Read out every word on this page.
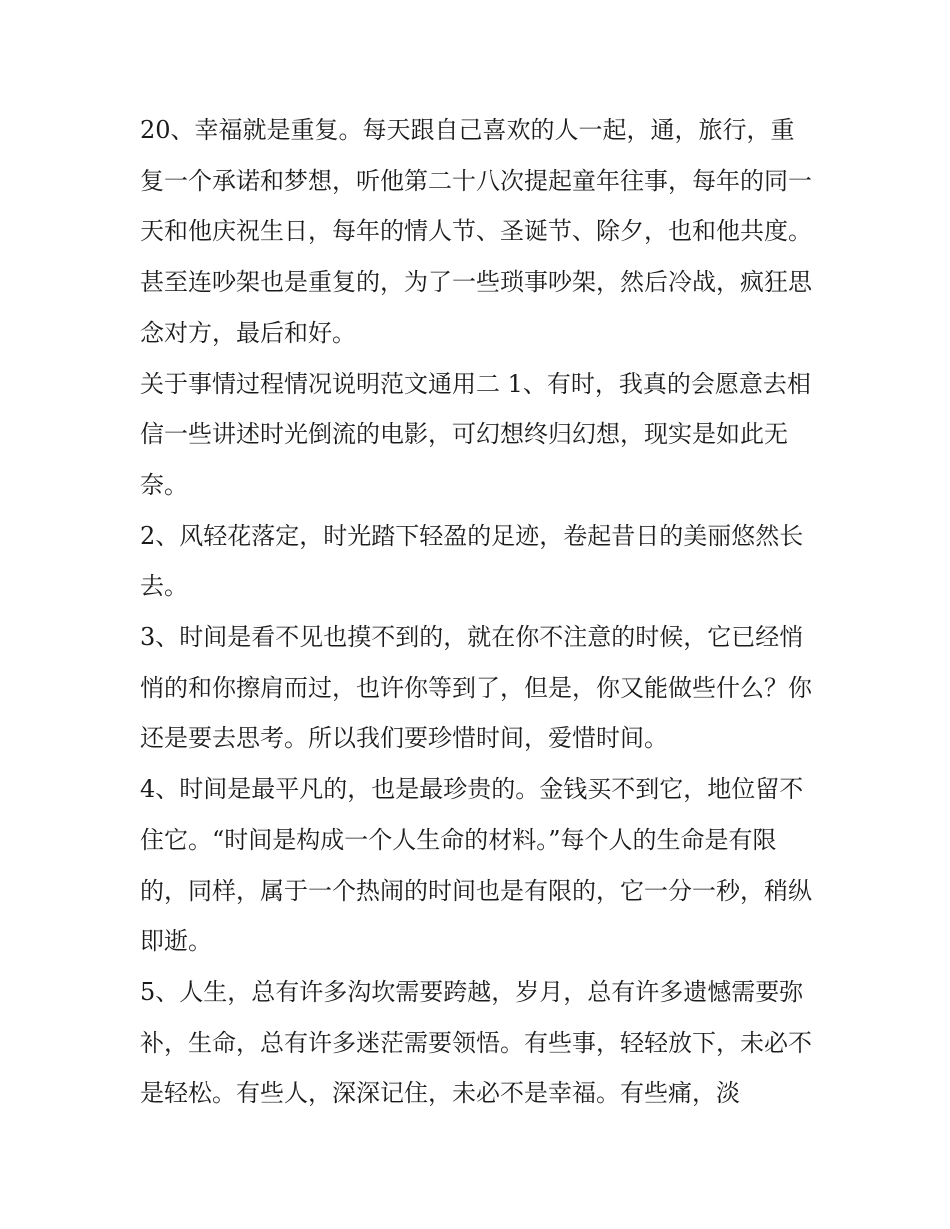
20、幸福就是重复。每天跟自己喜欢的人一起，通，旅行，重复一个承诺和梦想，听他第二十八次提起童年往事，每年的同一天和他庆祝生日，每年的情人节、圣诞节、除夕，也和他共度。甚至连吵架也是重复的，为了一些琐事吵架，然后冷战，疯狂思念对方，最后和好。

关于事情过程情况说明范文通用二 1、有时，我真的会愿意去相信一些讲述时光倒流的电影，可幻想终归幻想，现实是如此无奈。

2、风轻花落定，时光踏下轻盈的足迹，卷起昔日的美丽悠然长去。

3、时间是看不见也摸不到的，就在你不注意的时候，它已经悄悄的和你擦肩而过，也许你等到了，但是，你又能做些什么？你还是要去思考。所以我们要珍惜时间，爱惜时间。

4、时间是最平凡的，也是最珍贵的。金钱买不到它，地位留不住它。“时间是构成一个人生命的材料。”每个人的生命是有限的，同样，属于一个热闹的时间也是有限的，它一分一秒，稍纵即逝。

5、人生，总有许多沟坎需要跨越，岁月，总有许多遗憾需要弥补，生命，总有许多迷茫需要领悟。有些事，轻轻放下，未必不是轻松。有些人，深深记住，未必不是幸福。有些痛，淡
